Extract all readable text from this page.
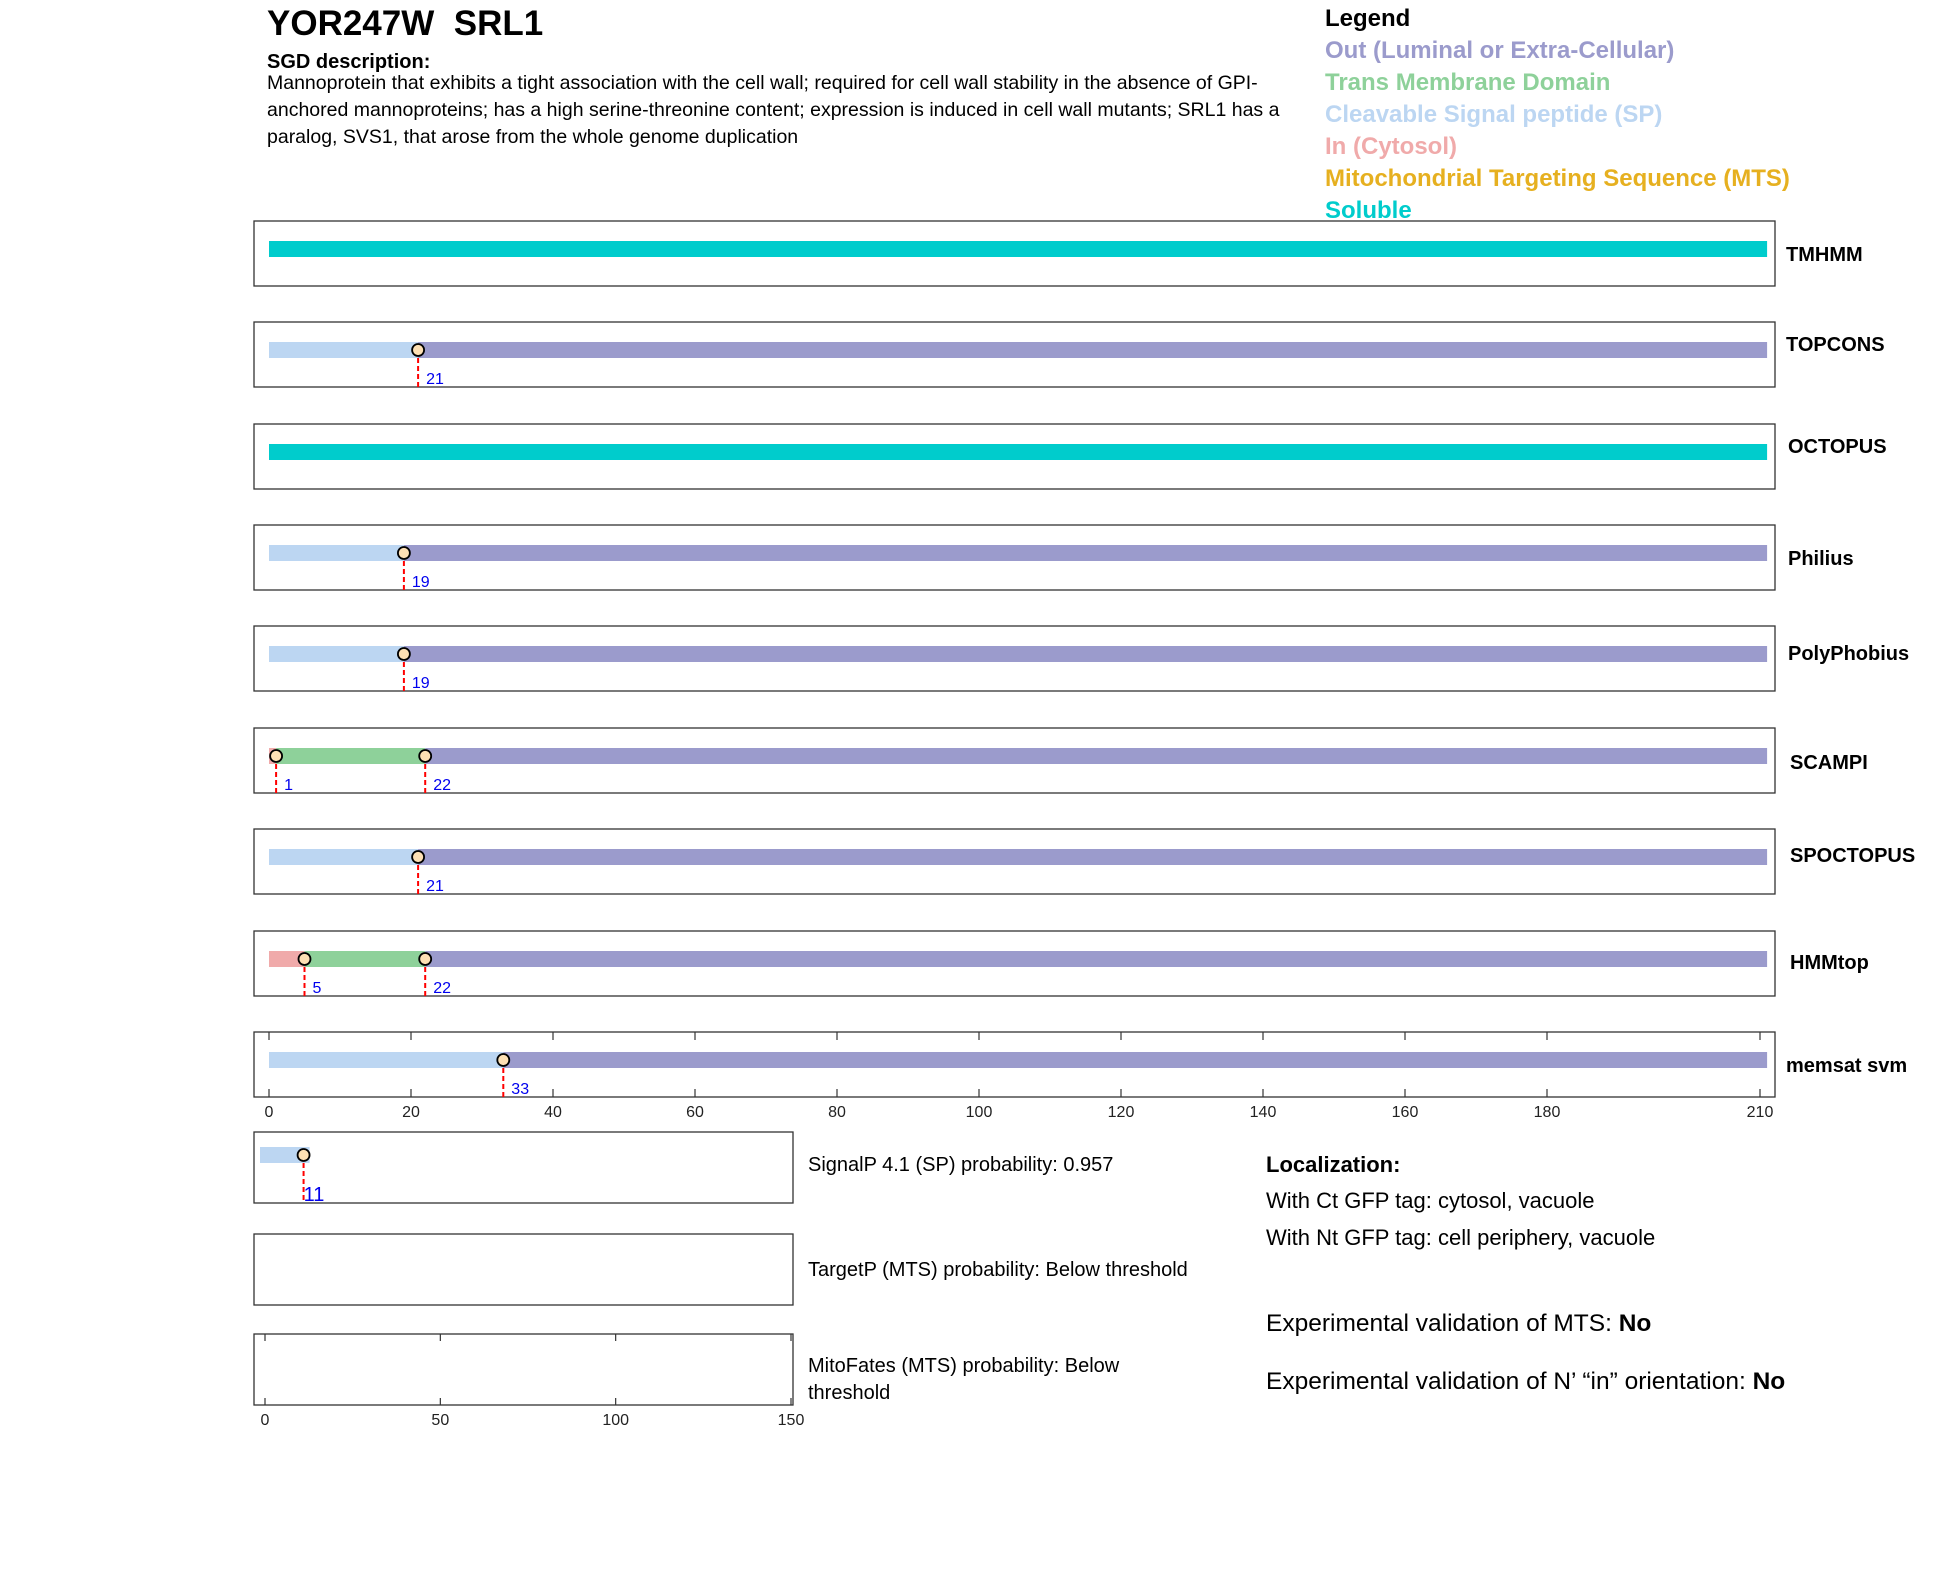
YOR247W  SRL1
SGD description:
Mannoprotein that exhibits a tight association with the cell wall; required for cell wall stability in the absence of GPI-anchored mannoproteins; has a high serine-threonine content; expression is induced in cell wall mutants; SRL1 has a paralog, SVS1, that arose from the whole genome duplication
Legend
Out (Luminal or Extra-Cellular)
Trans Membrane Domain
Cleavable Signal peptide (SP)
In (Cytosol)
Mitochondrial Targeting Sequence (MTS)
Soluble
21
19
19
1	22
21
5	22
33
0	20	40	60	80	100	120	140	160	180	210
11
0	50	100	150
TMHMM
TOPCONS
OCTOPUS
Philius
PolyPhobius
SCAMPI
SPOCTOPUS
HMMtop
memsat svm
SignalP 4.1 (SP) probability: 0.957
TargetP (MTS) probability: Below threshold
MitoFates (MTS) probability: Below threshold
Localization:
With Ct GFP tag: cytosol, vacuole
With Nt GFP tag: cell periphery, vacuole
Experimental validation of MTS: No
Experimental validation of N’ “in” orientation: No
